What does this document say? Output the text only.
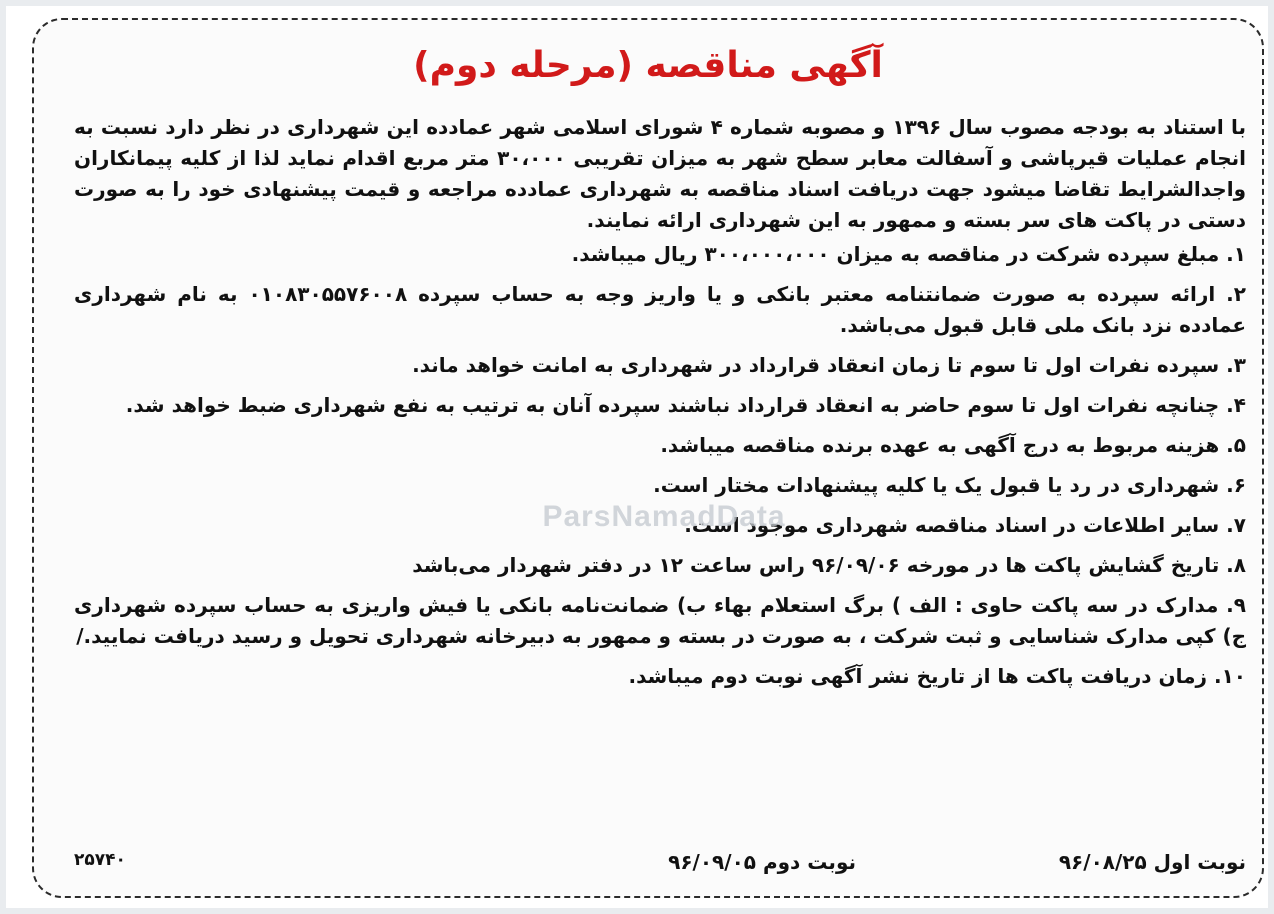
آگهی مناقصه (مرحله دوم)

با استناد به بودجه مصوب سال ۱۳۹۶ و مصوبه شماره ۴ شورای اسلامی شهر عمادده این شهرداری در نظر دارد نسبت به انجام عملیات قیرپاشی و آسفالت معابر سطح شهر به میزان تقریبی ۳۰،۰۰۰ متر مربع اقدام نماید لذا از کلیه پیمانکاران واجدالشرایط تقاضا میشود جهت دریافت اسناد مناقصه به شهرداری عمادده مراجعه و قیمت پیشنهادی خود را به صورت دستی در پاکت های سر بسته و ممهور به این شهرداری ارائه نمایند.

۱. مبلغ سپرده شرکت در مناقصه به میزان ۳۰۰،۰۰۰،۰۰۰ ریال میباشد.
۲. ارائه سپرده به صورت ضمانتنامه معتبر بانکی و یا واریز وجه به حساب سپرده ۰۱۰۸۳۰۵۵۷۶۰۰۸ به نام شهرداری عمادده نزد بانک ملی قابل قبول می‌باشد.
۳. سپرده نفرات اول تا سوم تا زمان انعقاد قرارداد در شهرداری به امانت خواهد ماند.
۴. چنانچه نفرات اول تا سوم حاضر به انعقاد قرارداد نباشند سپرده آنان به ترتیب به نفع شهرداری ضبط خواهد شد.
۵. هزینه مربوط به درج آگهی به عهده برنده مناقصه میباشد.
۶. شهرداری در رد یا قبول یک یا کلیه پیشنهادات مختار است.
۷. سایر اطلاعات در اسناد مناقصه شهرداری موجود است.
۸. تاریخ گشایش پاکت ها در مورخه ۹۶/۰۹/۰۶ راس ساعت ۱۲ در دفتر شهردار می‌باشد
۹. مدارک در سه پاکت حاوی : الف ) برگ استعلام بهاء ب) ضمانت‌نامه بانکی یا فیش واریزی به حساب سپرده شهرداری ج) کپی مدارک شناسایی و ثبت شرکت ، به صورت در بسته و ممهور به دبیرخانه شهرداری تحویل و رسید دریافت نمایید./
۱۰. زمان دریافت پاکت ها از تاریخ نشر آگهی نوبت دوم میباشد.
نوبت اول ۹۶/۰۸/۲۵
نوبت دوم ۹۶/۰۹/۰۵
۲۵۷۴۰
ParsNamadData
